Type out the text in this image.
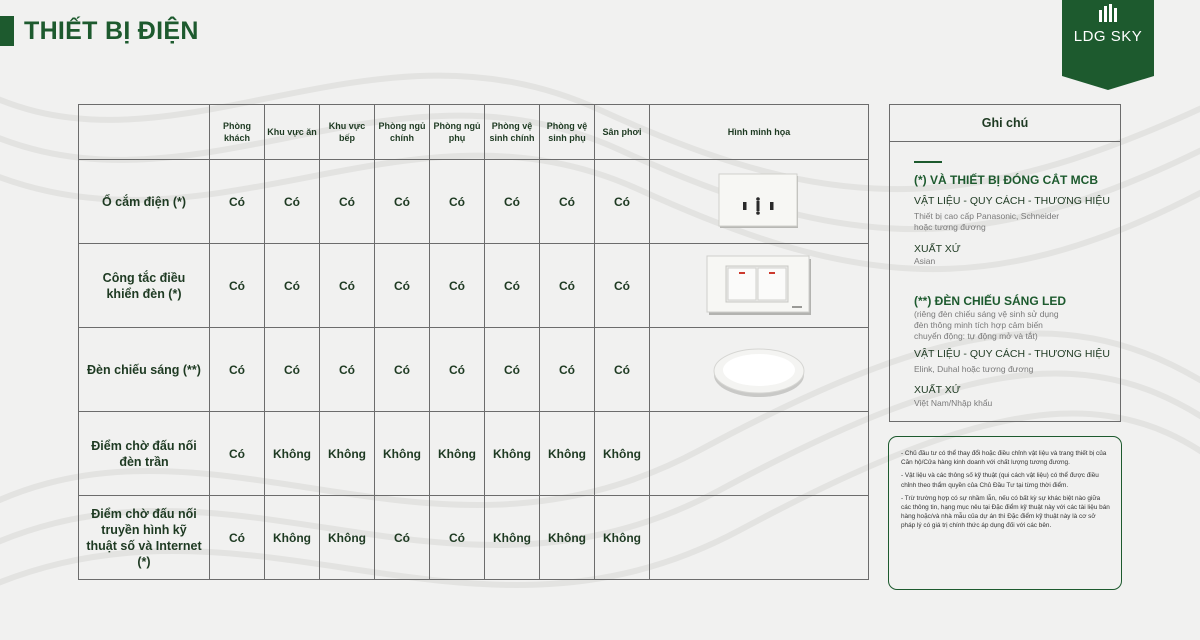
THIẾT BỊ ĐIỆN	LDG SKY
	Phòng khách	Khu vực ăn	Khu vực bếp	Phòng ngủ chính	Phòng ngủ phụ	Phòng vệ sinh chính	Phòng vệ sinh phụ	Sân phơi	Hình minh họa
Ổ cắm điện (*)	Có	Có	Có	Có	Có	Có	Có	Có	

Công tắc điều khiển đèn (*)	Có	Có	Có	Có	Có	Có	Có	Có	

Đèn chiếu sáng (**)	Có	Có	Có	Có	Có	Có	Có	Có	

Điểm chờ đấu nối đèn trần	Có	Không	Không	Không	Không	Không	Không	Không	
Điểm chờ đấu nối truyền hình kỹ thuật số và Internet (*)	Có	Không	Không	Có	Có	Không	Không	Không	
Ghi chú
(*) VÀ THIẾT BỊ ĐÓNG CẮT MCB
VẬT LIỆU - QUY CÁCH - THƯƠNG HIỆU
Thiết bị cao cấp Panasonic, Schneider
hoặc tương đương
XUẤT XỨ
Asian
(**) ĐÈN CHIẾU SÁNG LED
(riêng đèn chiếu sáng vệ sinh sử dụng
đèn thông minh tích hợp cảm biến
chuyển động: tự động mở và tắt)
VẬT LIỆU - QUY CÁCH - THƯƠNG HIỆU
Elink, Duhal hoặc tương đương
XUẤT XỨ
Việt Nam/Nhập khẩu
- Chủ đầu tư có thể thay đổi hoặc điều chỉnh vật liệu và trang thiết bị của Căn hộ/Cửa hàng kinh doanh với chất lượng tương đương.
- Vật liệu và các thông số kỹ thuật (qui cách vật liệu) có thể được điều chỉnh theo thẩm quyền của Chủ Đầu Tư tại từng thời điểm.
- Trừ trường hợp có sự nhầm lẫn, nếu có bất kỳ sự khác biệt nào giữa các thông tin, hạng mục nêu tại Đặc điểm kỹ thuật này với các tài liệu bán hàng hoặc/và nhà mẫu của dự án thì Đặc điểm kỹ thuật này là cơ sở pháp lý có giá trị chính thức áp dụng đối với các bên.
